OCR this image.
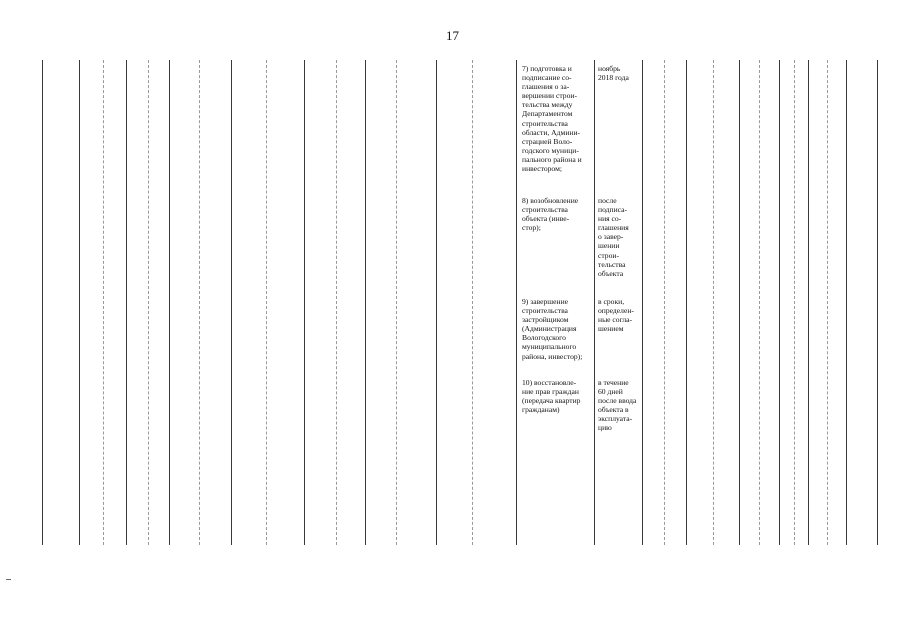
17
7) подготовка и
подписание со-
глашения о за-
вершении строи-
тельства между
Департаментом
строительства
области, Админи-
страцией Воло-
годского муници-
пального района и
инвестором;
ноябрь
2018 года
8) возобновление
строительства
объекта (инве-
стор);
после
подписа-
ния со-
глашения
о завер-
шении
строи-
тельства
объекта
9) завершение
строительства
застройщиком
(Администрация
Вологодского
муниципального
района, инвестор);
в сроки,
определен-
ные согла-
шением
10) восстановле-
ние прав граждан
(передача квартир
гражданам)
в течение
60 дней
после ввода
объекта в
эксплуата-
цию
